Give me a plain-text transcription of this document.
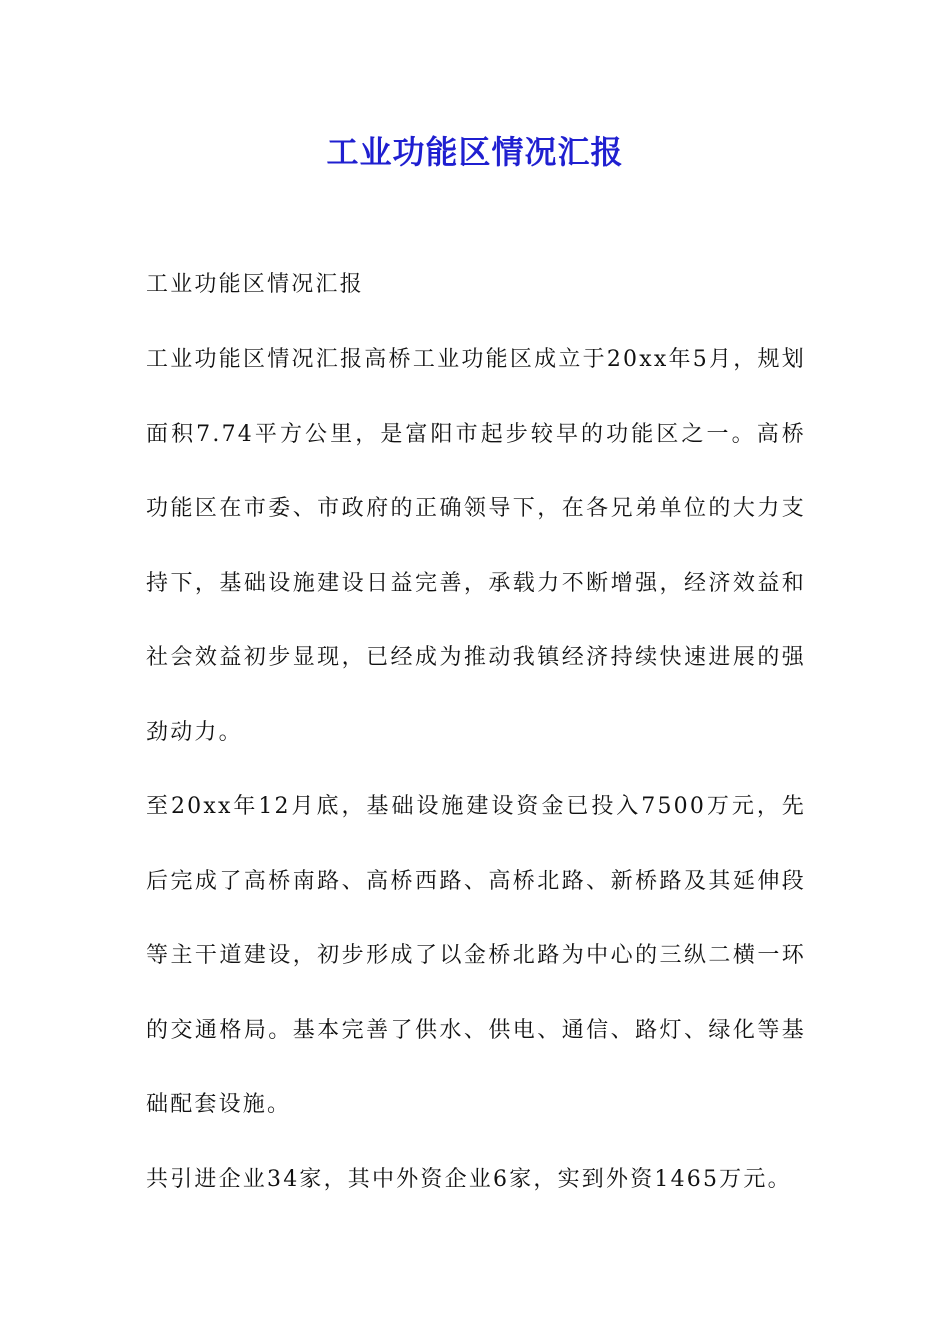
工业功能区情况汇报
工业功能区情况汇报

工业功能区情况汇报高桥工业功能区成立于20xx年5月，规划面积7.74平方公里，是富阳市起步较早的功能区之一。高桥功能区在市委、市政府的正确领导下，在各兄弟单位的大力支持下，基础设施建设日益完善，承载力不断增强，经济效益和社会效益初步显现，已经成为推动我镇经济持续快速进展的强劲动力。

至20xx年12月底，基础设施建设资金已投入7500万元，先后完成了高桥南路、高桥西路、高桥北路、新桥路及其延伸段等主干道建设，初步形成了以金桥北路为中心的三纵二横一环的交通格局。基本完善了供水、供电、通信、路灯、绿化等基础配套设施。

共引进企业34家，其中外资企业6家，实到外资1465万元。
